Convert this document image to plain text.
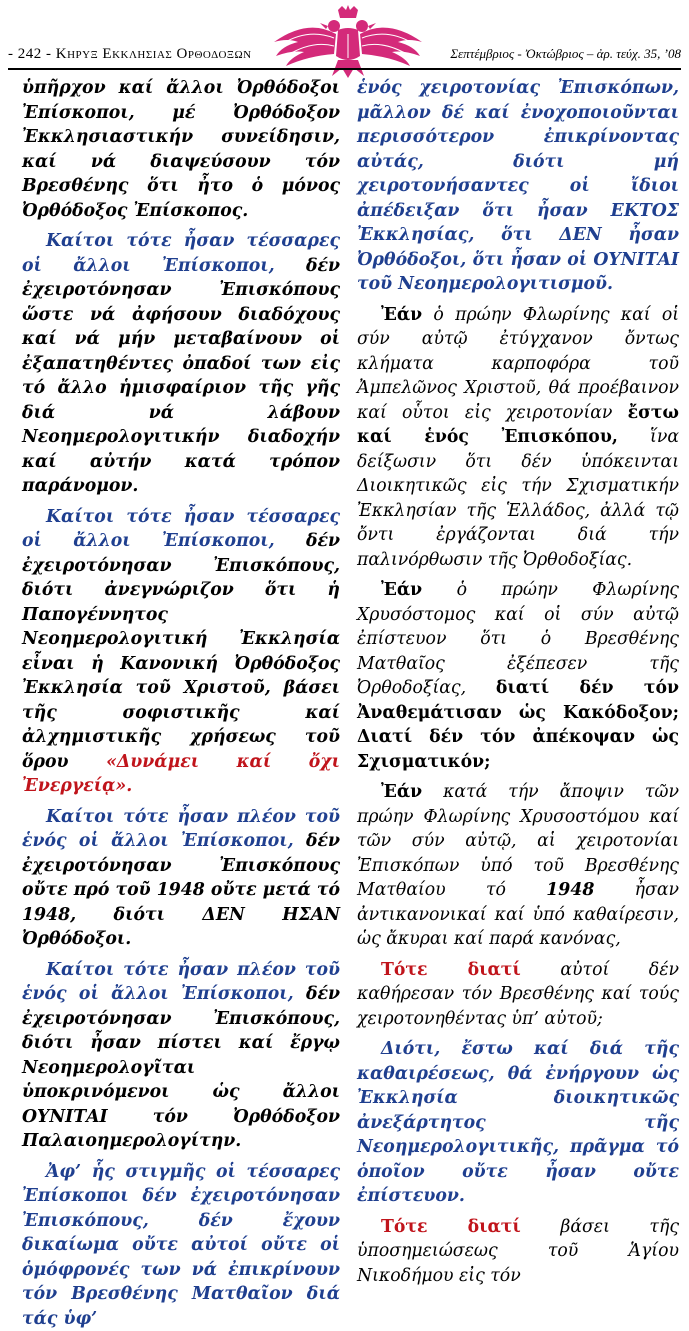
- 242 - Κηρυξ Εκκλησιας Ορθοδοξων	Σεπτέμβριος - Ὀκτώβριος – ἀρ. τεύχ. 35, ’08

ὑπῆρχον καί ἄλλοι Ὀρθόδοξοι Ἐπίσκοποι, μέ Ὀρθόδοξον Ἐκκλησιαστικήν συνείδησιν, καί νά διαψεύσουν τόν Βρεσθένης ὅτι ἦτο ὁ μόνος Ὀρθόδοξος Ἐπίσκοπος.

Καίτοι τότε ἦσαν τέσσαρες οἱ ἄλλοι Ἐπίσκοποι, δέν ἐχειροτόνησαν Ἐπισκόπους ὥστε νά ἀφήσουν διαδόχους καί νά μήν μεταβαίνουν οἱ ἐξαπατηθέντες ὀπαδοί των εἰς τό ἄλλο ἡμισφαίριον τῆς γῆς διά νά λάβουν Νεοημερολογιτικήν διαδοχήν καί αὐτήν κατά τρόπον παράνομον.

Καίτοι τότε ἦσαν τέσσαρες οἱ ἄλλοι Ἐπίσκοποι, δέν ἐχειροτόνησαν Ἐπισκόπους, διότι ἀνεγνώριζον ὅτι ἡ Παπογέννητος Νεοημερολογιτική Ἐκκλησία εἶναι ἡ Κανονική Ὀρθόδοξος Ἐκκλησία τοῦ Χριστοῦ, βάσει τῆς σοφιστικῆς καί ἀλχημιστικῆς χρήσεως τοῦ ὅρου «Δυνάμει καί ὄχι Ἐνεργείᾳ».

Καίτοι τότε ἦσαν πλέον τοῦ ἑνός οἱ ἄλλοι Ἐπίσκοποι, δέν ἐχειροτόνησαν Ἐπισκόπους οὔτε πρό τοῦ 1948 οὔτε μετά τό 1948, διότι ΔΕΝ ΗΣΑΝ Ὀρθόδοξοι.

Καίτοι τότε ἦσαν πλέον τοῦ ἑνός οἱ ἄλλοι Ἐπίσκοποι, δέν ἐχειροτόνησαν Ἐπισκόπους, διότι ἦσαν πίστει καί ἔργῳ Νεοημερολογῖται ὑποκρινόμενοι ὡς ἄλλοι ΟΥΝΙΤΑΙ τόν Ὀρθόδοξον Παλαιοημερολογίτην.

Ἀφ’ ἧς στιγμῆς οἱ τέσσαρες Ἐπίσκοποι δέν ἐχειροτόνησαν Ἐπισκόπους, δέν ἔχουν δικαίωμα οὔτε αὐτοί οὔτε οἱ ὁμόφρονές των νά ἐπικρίνουν τόν Βρεσθένης Ματθαῖον διά τάς ὑφ’

ἑνός χειροτονίας Ἐπισκόπων, μᾶλλον δέ καί ἐνοχοποιοῦνται περισσότερον ἐπικρίνοντας αὐτάς, διότι μή χειροτονήσαντες οἱ ἴδιοι ἀπέδειξαν ὅτι ἦσαν ΕΚΤΟΣ Ἐκκλησίας, ὅτι ΔΕΝ ἦσαν Ὀρθόδοξοι, ὅτι ἦσαν οἱ ΟΥΝΙΤΑΙ τοῦ Νεοημερολογιτισμοῦ.

Ἐάν ὁ πρώην Φλωρίνης καί οἱ σύν αὐτῷ ἐτύγχανον ὄντως κλήματα καρποφόρα τοῦ Ἀμπελῶνος Χριστοῦ, θά προέβαινον καί οὗτοι εἰς χειροτονίαν ἔστω καί ἑνός Ἐπισκόπου, ἵνα δείξωσιν ὅτι δέν ὑπόκεινται Διοικητικῶς εἰς τήν Σχισματικήν Ἐκκλησίαν τῆς Ἑλλάδος, ἀλλά τῷ ὄντι ἐργάζονται διά τήν παλινόρθωσιν τῆς Ὀρθοδοξίας.

Ἐάν ὁ πρώην Φλωρίνης Χρυσόστομος καί οἱ σύν αὐτῷ ἐπίστευον ὅτι ὁ Βρεσθένης Ματθαῖος ἐξέπεσεν τῆς Ὀρθοδοξίας, διατί δέν τόν Ἀναθεμάτισαν ὡς Κακόδοξον; Διατί δέν τόν ἀπέκοψαν ὡς Σχισματικόν;

Ἐάν κατά τήν ἄποψιν τῶν πρώην Φλωρίνης Χρυσοστόμου καί τῶν σύν αὐτῷ, αἱ χειροτονίαι Ἐπισκόπων ὑπό τοῦ Βρεσθένης Ματθαίου τό 1948 ἦσαν ἀντικανονικαί καί ὑπό καθαίρεσιν, ὡς ἄκυραι καί παρά κανόνας,

Τότε διατί αὐτοί δέν καθήρεσαν τόν Βρεσθένης καί τούς χειροτονηθέντας ὑπ’ αὐτοῦ;

Διότι, ἔστω καί διά τῆς καθαιρέσεως, θά ἐνήργουν ὡς Ἐκκλησία διοικητικῶς ἀνεξάρτητος τῆς Νεοημερολογιτικῆς, πρᾶγμα τό ὁποῖον οὔτε ἦσαν οὔτε ἐπίστευον.

Τότε διατί βάσει τῆς ὑποσημειώσεως τοῦ Ἁγίου Νικοδήμου εἰς τόν
